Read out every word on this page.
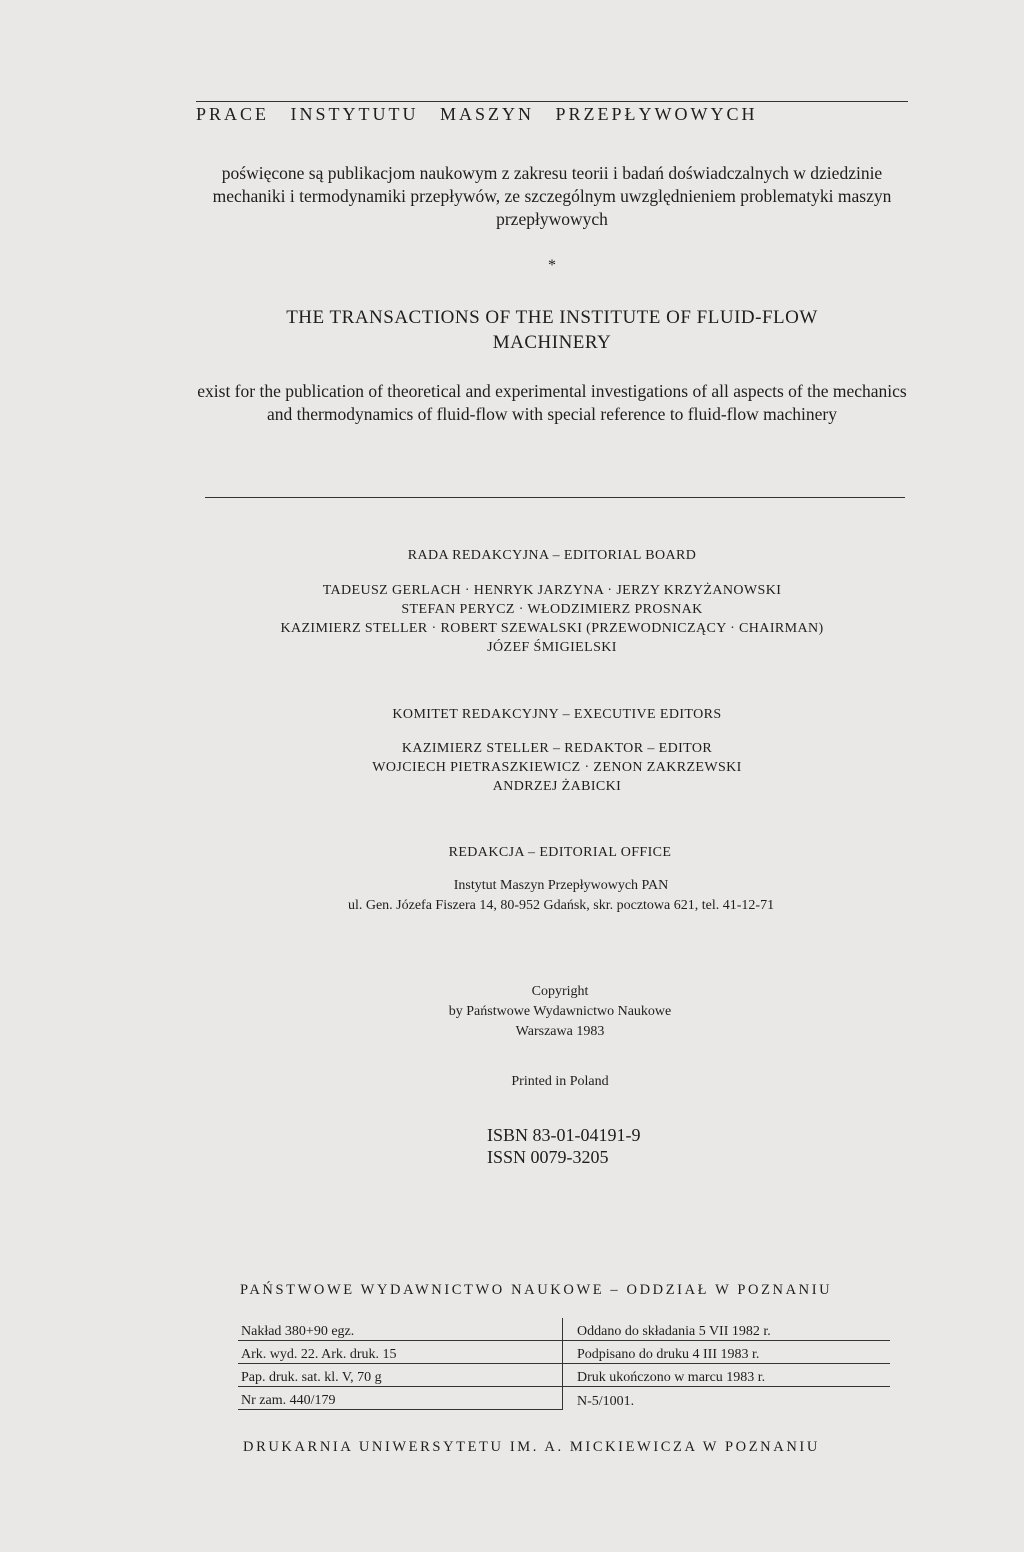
PRACE INSTYTUTU MASZYN PRZEPŁYWOWYCH
poświęcone są publikacjom naukowym z zakresu teorii i badań doświadczalnych w dziedzinie mechaniki i termodynamiki przepływów, ze szczególnym uwzględnieniem problematyki maszyn przepływowych
*
THE TRANSACTIONS OF THE INSTITUTE OF FLUID-FLOW
MACHINERY
exist for the publication of theoretical and experimental investigations of all aspects of the mechanics and thermodynamics of fluid-flow with special reference to fluid-flow machinery
RADA REDAKCYJNA – EDITORIAL BOARD
TADEUSZ GERLACH · HENRYK JARZYNA · JERZY KRZYŻANOWSKI
STEFAN PERYCZ · WŁODZIMIERZ PROSNAK
KAZIMIERZ STELLER · ROBERT SZEWALSKI (PRZEWODNICZĄCY · CHAIRMAN)
JÓZEF ŚMIGIELSKI
KOMITET REDAKCYJNY – EXECUTIVE EDITORS
KAZIMIERZ STELLER – REDAKTOR – EDITOR
WOJCIECH PIETRASZKIEWICZ · ZENON ZAKRZEWSKI
ANDRZEJ ŻABICKI
REDAKCJA – EDITORIAL OFFICE
Instytut Maszyn Przepływowych PAN
ul. Gen. Józefa Fiszera 14, 80-952 Gdańsk, skr. pocztowa 621, tel. 41-12-71
Copyright
by Państwowe Wydawnictwo Naukowe
Warszawa 1983
Printed in Poland
ISBN 83-01-04191-9
ISSN 0079-3205
PAŃSTWOWE WYDAWNICTWO NAUKOWE – ODDZIAŁ W POZNANIU
Nakład 380+90 egz.	Oddano do składania 5 VII 1982 r.
Ark. wyd. 22. Ark. druk. 15	Podpisano do druku 4 III 1983 r.
Pap. druk. sat. kl. V, 70 g	Druk ukończono w marcu 1983 r.
Nr zam. 440/179	N-5/1001.
DRUKARNIA UNIWERSYTETU IM. A. MICKIEWICZA W POZNANIU
